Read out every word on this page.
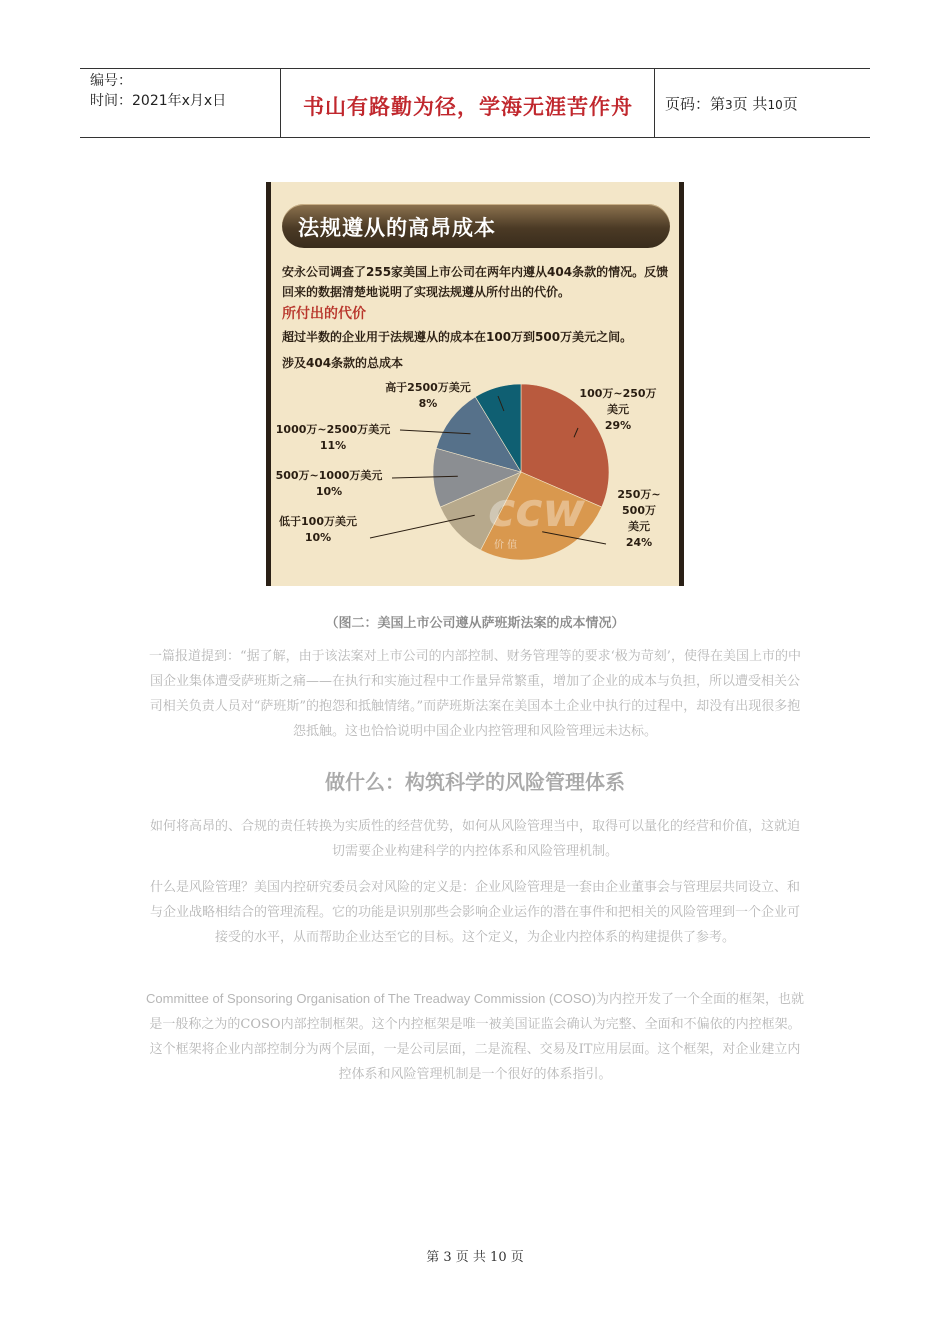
编号：
时间：2021年x月x日	书山有路勤为径，学海无涯苦作舟	页码：第3页 共10页
法规遵从的高昂成本
安永公司调查了255家美国上市公司在两年内遵从404条款的情况。反馈回来的数据清楚地说明了实现法规遵从所付出的代价。
所付出的代价
超过半数的企业用于法规遵从的成本在100万到500万美元之间。
涉及404条款的总成本
ccw
价 值
100万~250万
美元
29%
250万~
500万
美元
24%
低于100万美元
10%
500万~1000万美元
10%
1000万~2500万美元
11%
高于2500万美元
8%
（图二：美国上市公司遵从萨班斯法案的成本情况）
一篇报道提到：“据了解，由于该法案对上市公司的内部控制、财务管理等的要求‘极为苛刻’，使得在美国上市的中国企业集体遭受萨班斯之痛——在执行和实施过程中工作量异常繁重，增加了企业的成本与负担，所以遭受相关公司相关负责人员对“萨班斯”的抱怨和抵触情绪。”而萨班斯法案在美国本土企业中执行的过程中，却没有出现很多抱怨抵触。这也恰恰说明中国企业内控管理和风险管理远未达标。
做什么：构筑科学的风险管理体系
如何将高昂的、合规的责任转换为实质性的经营优势，如何从风险管理当中，取得可以量化的经营和价值，这就迫切需要企业构建科学的内控体系和风险管理机制。
什么是风险管理？美国内控研究委员会对风险的定义是：企业风险管理是一套由企业董事会与管理层共同设立、和与企业战略相结合的管理流程。它的功能是识别那些会影响企业运作的潜在事件和把相关的风险管理到一个企业可接受的水平，从而帮助企业达至它的目标。这个定义，为企业内控体系的构建提供了参考。
Committee of Sponsoring Organisation of The Treadway Commission (COSO)为内控开发了一个全面的框架，也就是一般称之为的COSO内部控制框架。这个内控框架是唯一被美国证监会确认为完整、全面和不偏依的内控框架。这个框架将企业内部控制分为两个层面，一是公司层面，二是流程、交易及IT应用层面。这个框架，对企业建立内控体系和风险管理机制是一个很好的体系指引。
第 3 页 共 10 页
